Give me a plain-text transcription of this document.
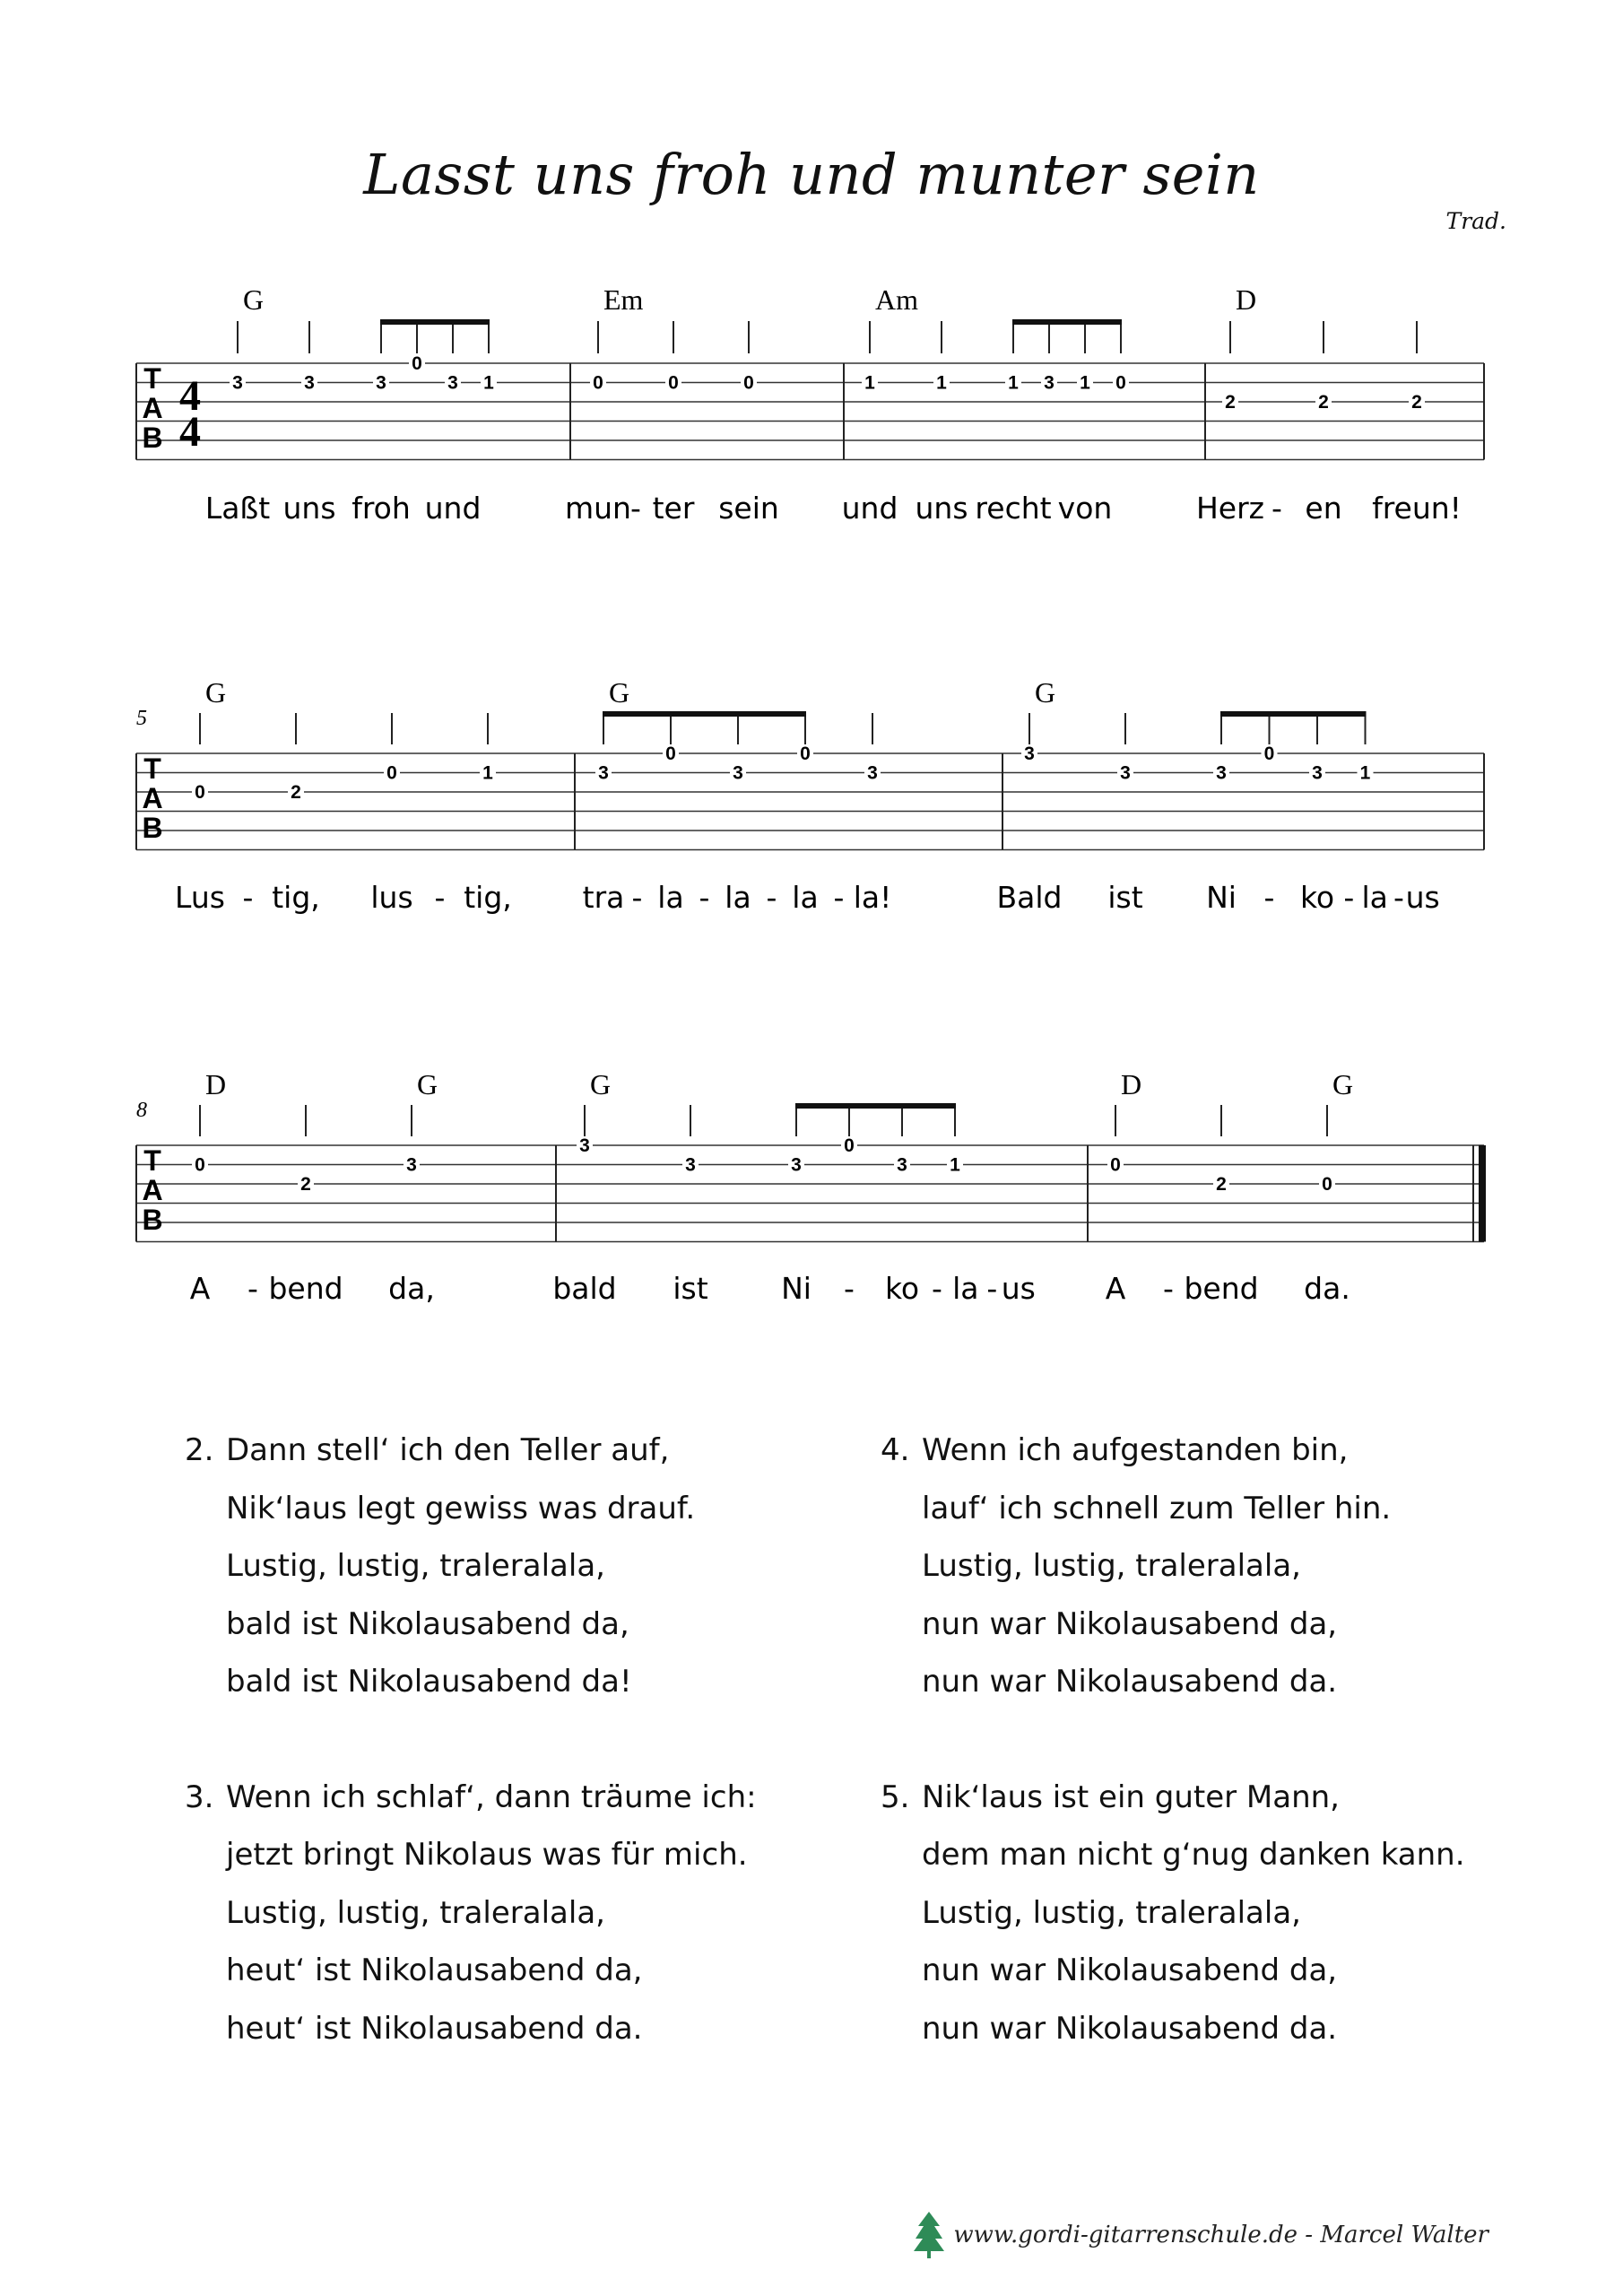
Lasst uns froh und munter sein
Trad.
T
A
B
4
4
G
3	3	3
0
3 1
Laßt uns froh und
Em
0	0	0
mun - ter sein
Am
1	1	1 3 1 0
und uns recht von
D
2	2	2
Herz - en freun!
T
A
B
5
G
0	2
0	1
Lus - tig, lus - tig,
G
3
0
3
0
3
tra - la - la - la - la!
G
3
3	3
0
3 1
Bald ist Ni - ko - la - us
T
A
B
8
D	G
0
2
3
A - bend da,
G
3
3	3
0
3 1
bald ist Ni - ko - la - us
D	G
0
2	0
A - bend da.
2. Dann stell‘ ich den Teller auf,
Nik‘laus legt gewiss was drauf.
Lustig, lustig, traleralala,
bald ist Nikolausabend da,
bald ist Nikolausabend da!
3. Wenn ich schlaf‘, dann träume ich:
jetzt bringt Nikolaus was für mich.
Lustig, lustig, traleralala,
heut‘ ist Nikolausabend da,
heut‘ ist Nikolausabend da.
4. Wenn ich aufgestanden bin,
lauf‘ ich schnell zum Teller hin.
Lustig, lustig, traleralala,
nun war Nikolausabend da,
nun war Nikolausabend da.
5. Nik‘laus ist ein guter Mann,
dem man nicht g‘nug danken kann.
Lustig, lustig, traleralala,
nun war Nikolausabend da,
nun war Nikolausabend da.
www.gordi-gitarrenschule.de - Marcel Walter
